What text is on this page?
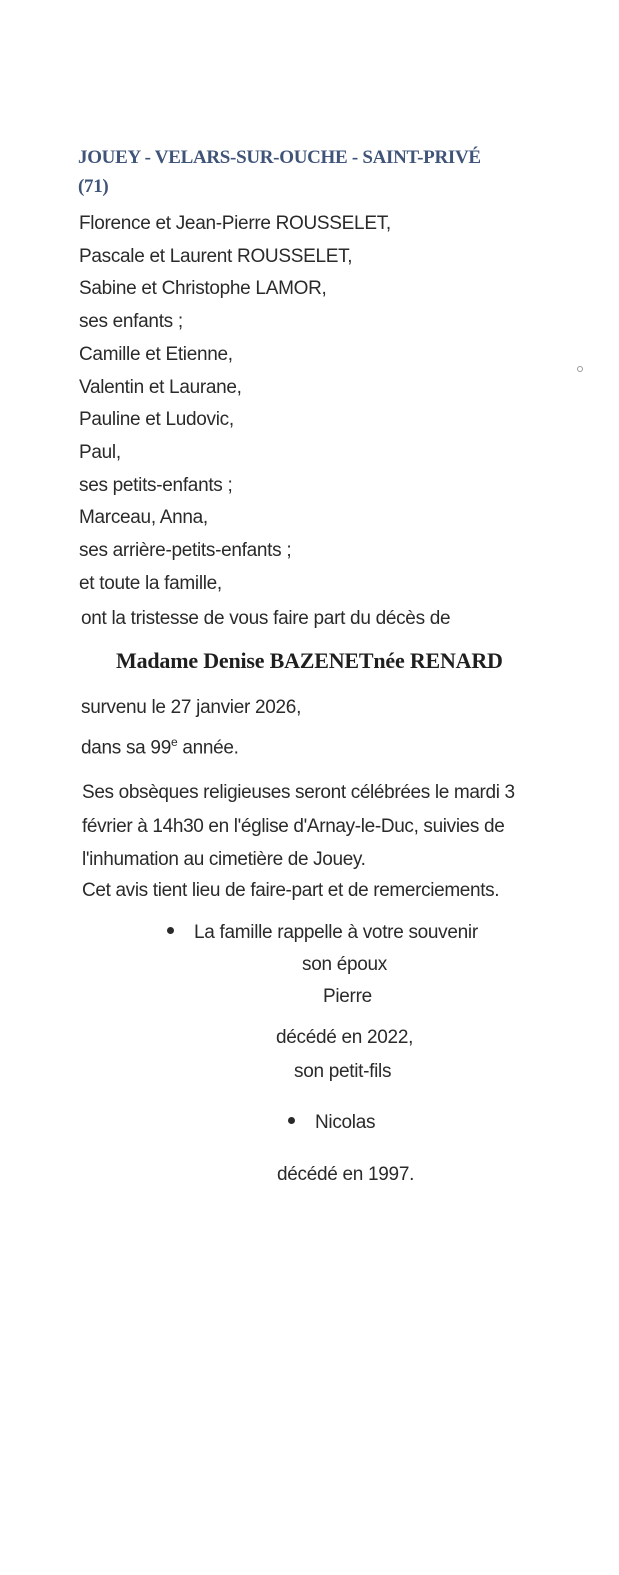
JOUEY - VELARS-SUR-OUCHE - SAINT-PRIVÉ
(71)
Florence et Jean-Pierre ROUSSELET,
Pascale et Laurent ROUSSELET,
Sabine et Christophe LAMOR,
ses enfants ;
Camille et Etienne,
Valentin et Laurane,
Pauline et Ludovic,
Paul,
ses petits-enfants ;
Marceau, Anna,
ses arrière-petits-enfants ;
et toute la famille,
ont la tristesse de vous faire part du décès de
Madame Denise BAZENETnée RENARD
survenu le 27 janvier 2026,
dans sa 99e année.
Ses obsèques religieuses seront célébrées le mardi 3
février à 14h30 en l'église d'Arnay-le-Duc, suivies de
l'inhumation au cimetière de Jouey.
Cet avis tient lieu de faire-part et de remerciements.
La famille rappelle à votre souvenir
son époux
Pierre
décédé en 2022,
son petit-fils
Nicolas
décédé en 1997.
